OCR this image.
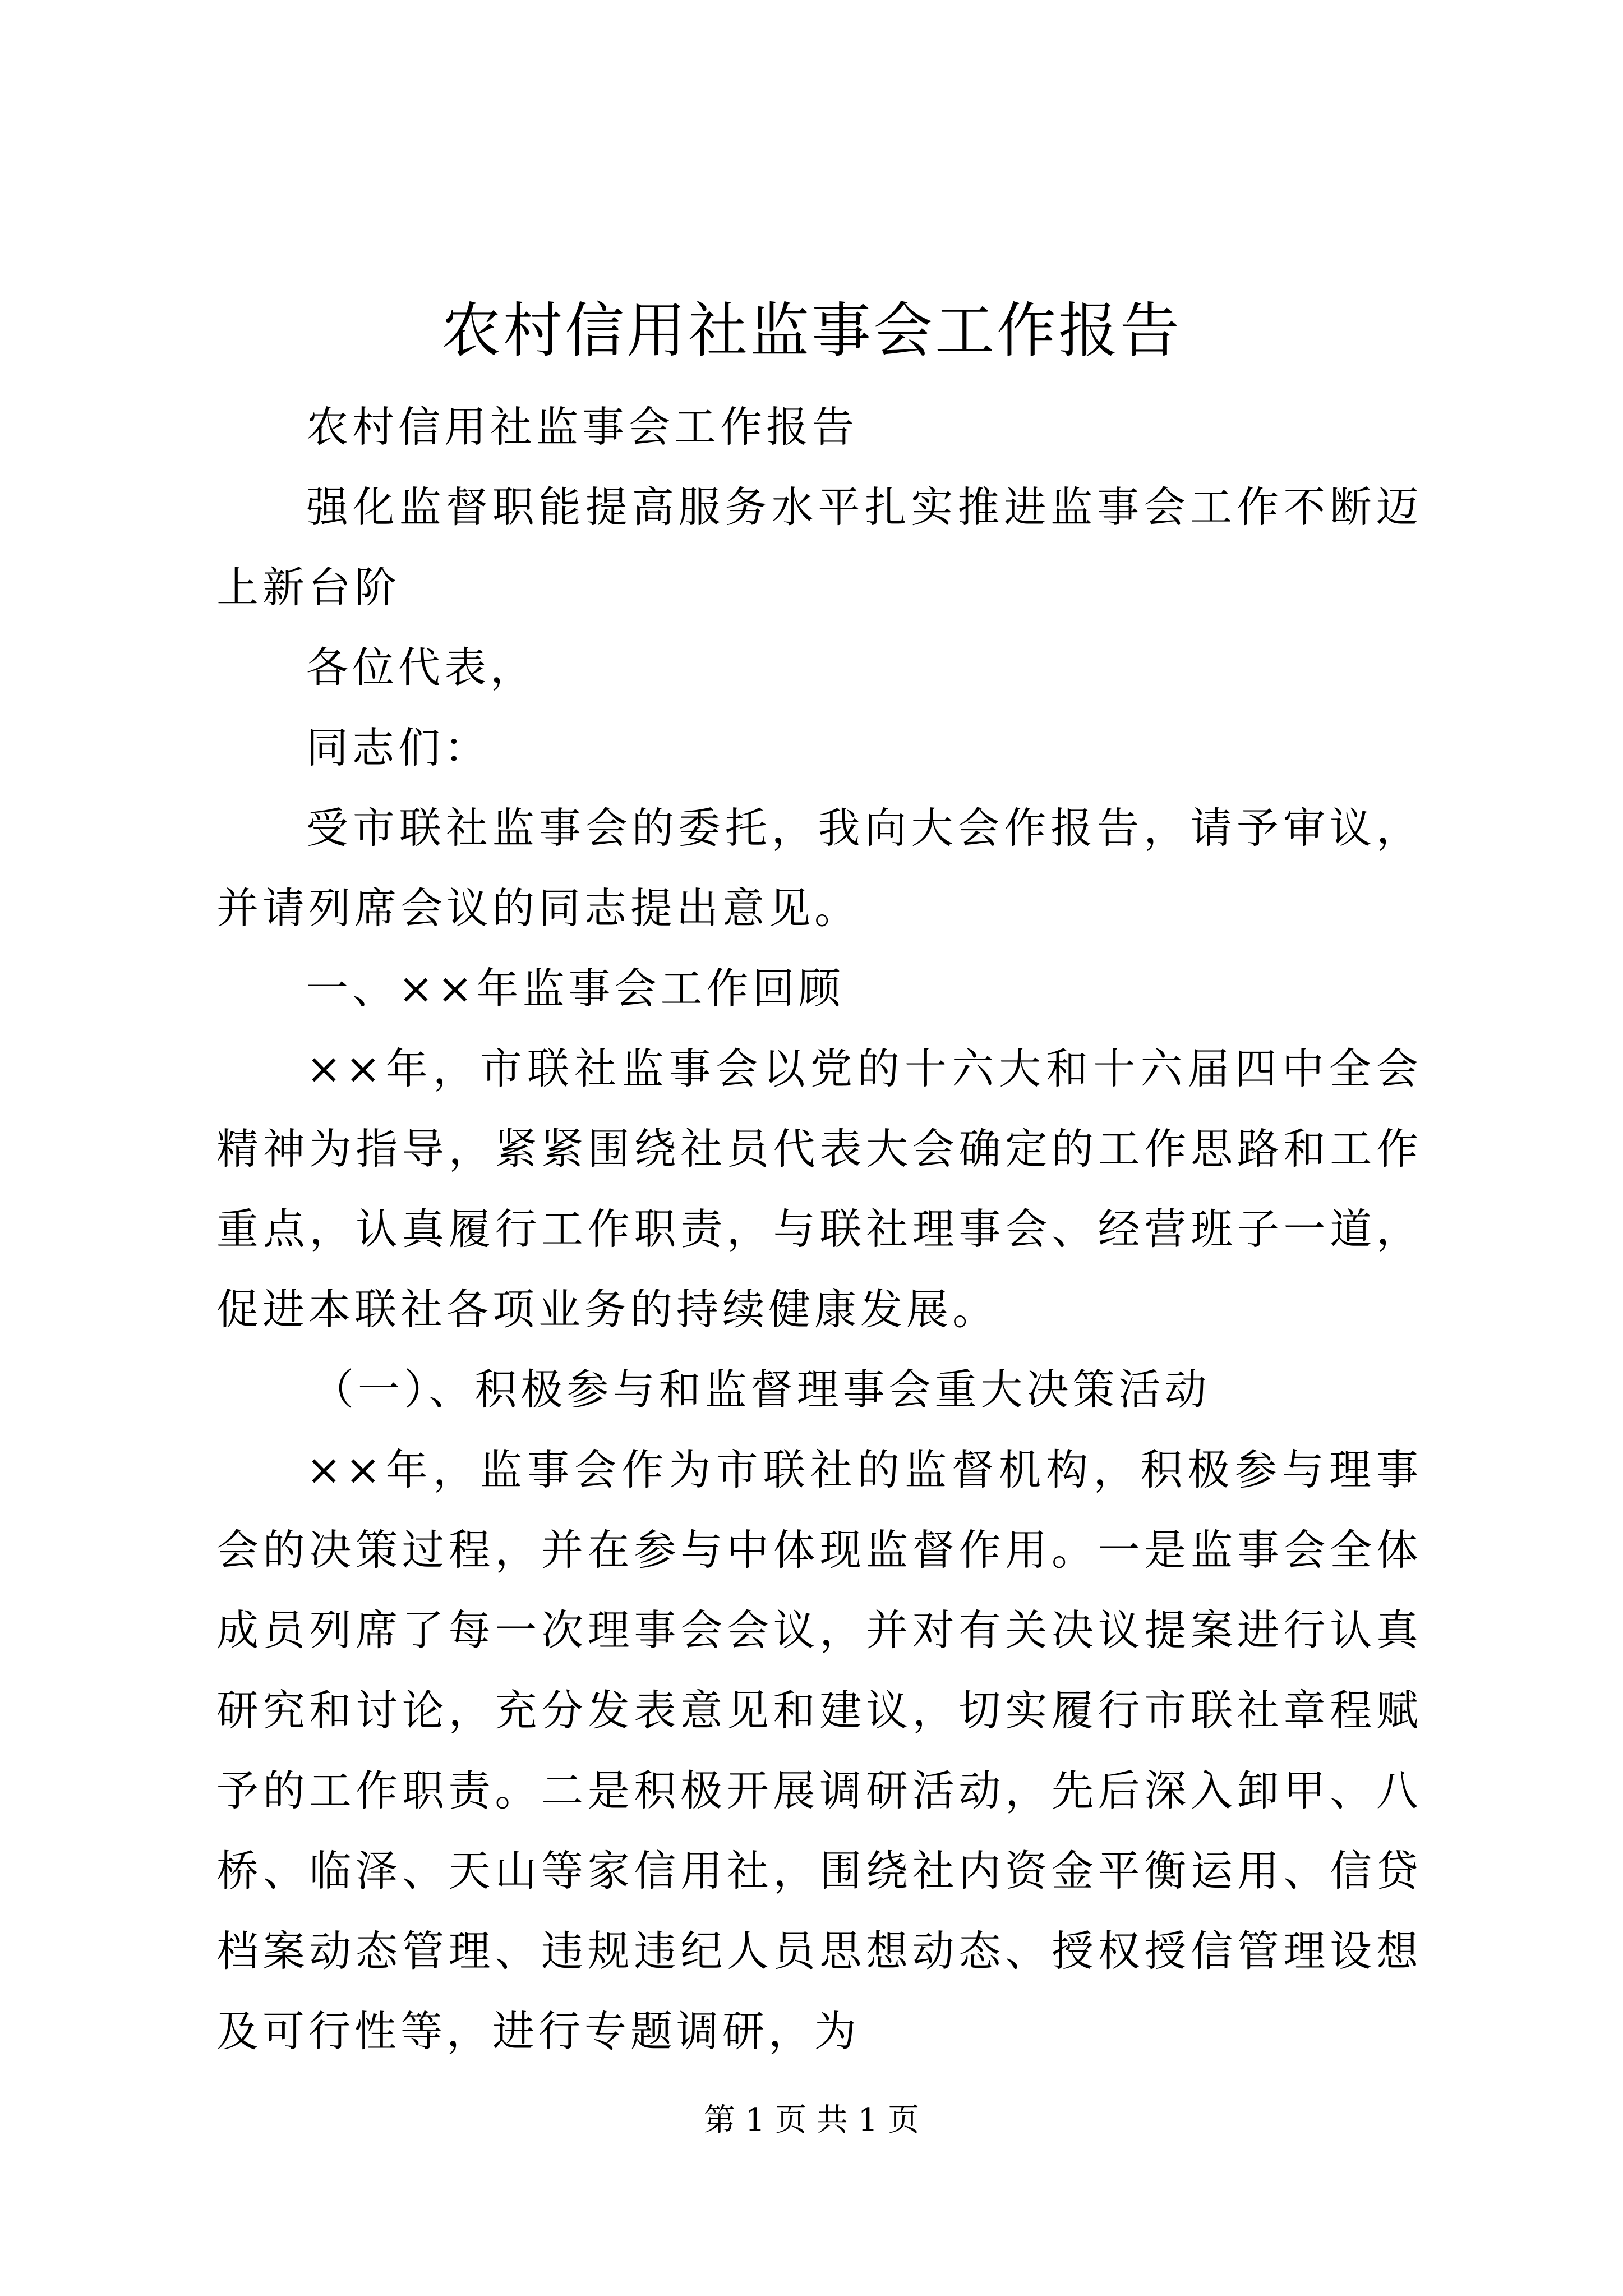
农村信用社监事会工作报告

农村信用社监事会工作报告

强化监督职能提高服务水平扎实推进监事会工作不断迈上新台阶

各位代表，

同志们：

受市联社监事会的委托，我向大会作报告，请予审议，并请列席会议的同志提出意见。

一、××年监事会工作回顾

××年，市联社监事会以党的十六大和十六届四中全会精神为指导，紧紧围绕社员代表大会确定的工作思路和工作重点，认真履行工作职责，与联社理事会、经营班子一道，促进本联社各项业务的持续健康发展。

（一）、积极参与和监督理事会重大决策活动

××年，监事会作为市联社的监督机构，积极参与理事会的决策过程，并在参与中体现监督作用。一是监事会全体成员列席了每一次理事会会议，并对有关决议提案进行认真研究和讨论，充分发表意见和建议，切实履行市联社章程赋予的工作职责。二是积极开展调研活动，先后深入卸甲、八桥、临泽、天山等家信用社，围绕社内资金平衡运用、信贷档案动态管理、违规违纪人员思想动态、授权授信管理设想及可行性等，进行专题调研，为

第 1 页 共 1 页
